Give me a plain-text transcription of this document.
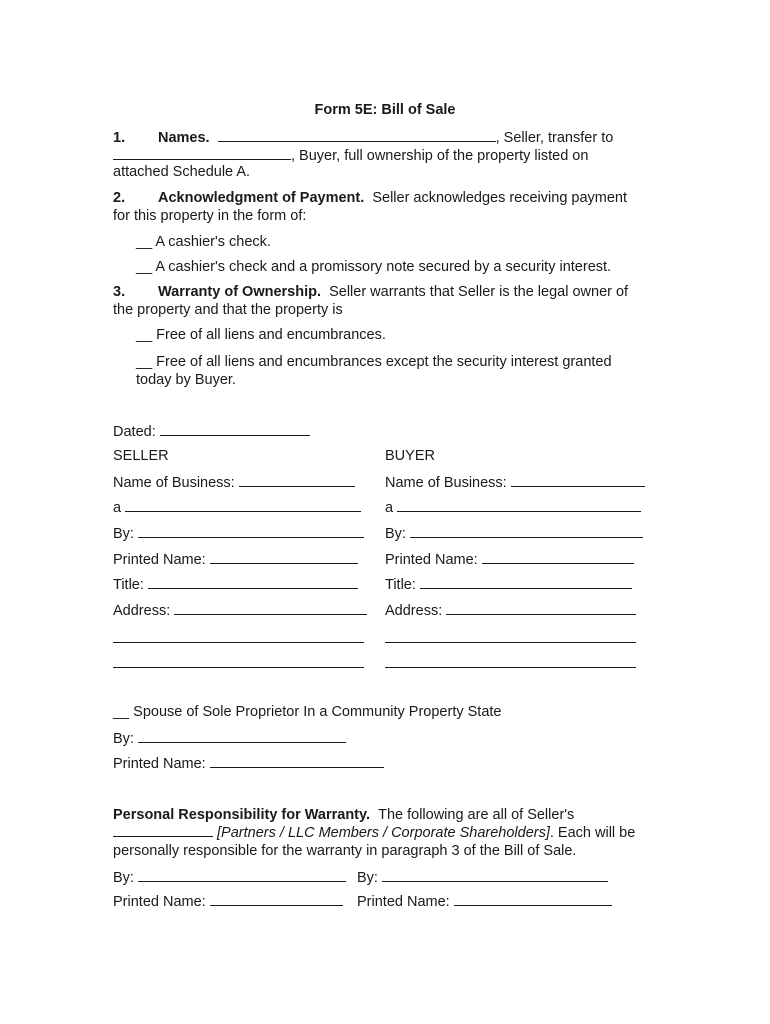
Form 5E: Bill of Sale
1. Names.	, Seller, transfer to
, Buyer, full ownership of the property listed on
attached Schedule A.
2. Acknowledgment of Payment. Seller acknowledges receiving payment
for this property in the form of:
__ A cashier's check.
__ A cashier's check and a promissory note secured by a security interest.
3. Warranty of Ownership. Seller warrants that Seller is the legal owner of
the property and that the property is
__ Free of all liens and encumbrances.
__ Free of all liens and encumbrances except the security interest granted
today by Buyer.
Dated:
SELLER
Name of Business:
a
By:
Printed Name:
Title:
Address:
BUYER
Name of Business:
a
By:
Printed Name:
Title:
Address:
__ Spouse of Sole Proprietor In a Community Property State
By:
Printed Name:
Personal Responsibility for Warranty. The following are all of Seller's
[Partners / LLC Members / Corporate Shareholders]. Each will be
personally responsible for the warranty in paragraph 3 of the Bill of Sale.
By:	By:
Printed Name:	Printed Name:
